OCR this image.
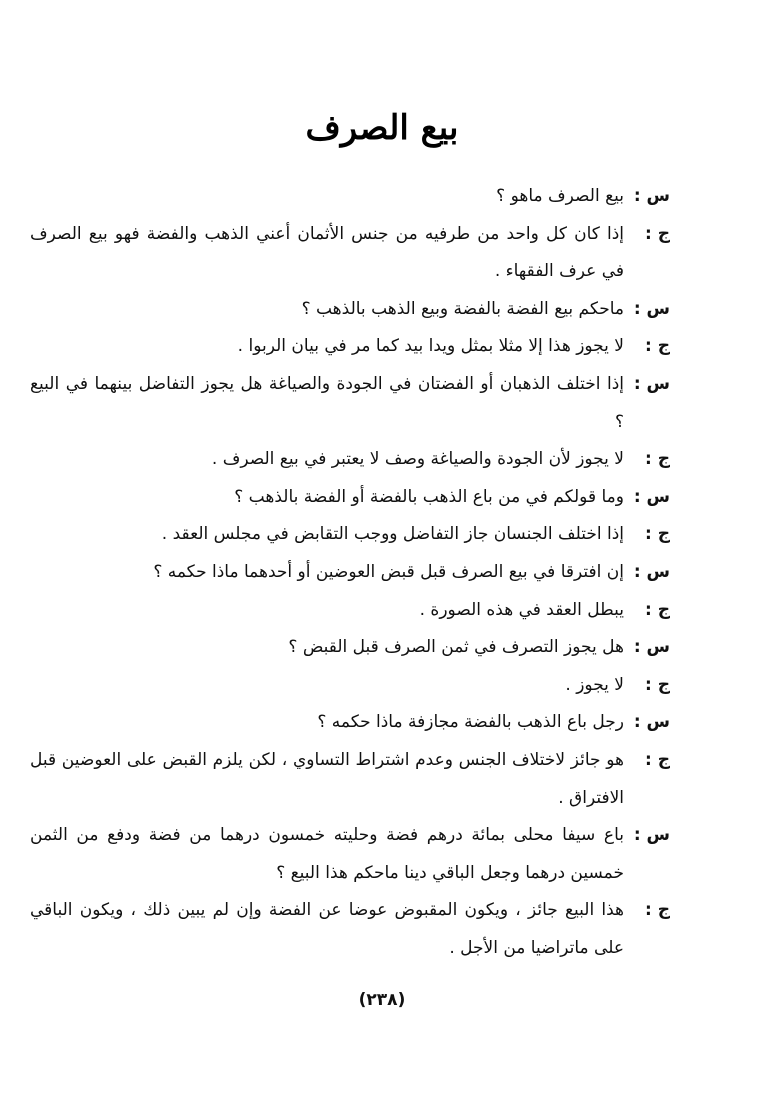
بيع الصرف
س :
بيع الصرف ماهو ؟
ج :
إذا كان كل واحد من طرفيه من جنس الأثمان أعني الذهب والفضة فهو بيع الصرف في عرف الفقهاء .
س :
ماحكم بيع الفضة بالفضة وبيع الذهب بالذهب ؟
ج :
لا يجوز هذا إلا مثلا بمثل ويدا بيد كما مر في بيان الربوا .
س :
إذا اختلف الذهبان أو الفضتان في الجودة والصياغة هل يجوز التفاضل بينهما في البيع ؟
ج :
لا يجوز لأن الجودة والصياغة وصف لا يعتبر في بيع الصرف .
س :
وما قولكم في من باع الذهب بالفضة أو الفضة بالذهب ؟
ج :
إذا اختلف الجنسان جاز التفاضل ووجب التقابض في مجلس العقد .
س :
إن افترقا في بيع الصرف قبل قبض العوضين أو أحدهما ماذا حكمه ؟
ج :
يبطل العقد في هذه الصورة .
س :
هل يجوز التصرف في ثمن الصرف قبل القبض ؟
ج :
لا يجوز .
س :
رجل باع الذهب بالفضة مجازفة ماذا حكمه ؟
ج :
هو جائز لاختلاف الجنس وعدم اشتراط التساوي ، لكن يلزم القبض على العوضين قبل الافتراق .
س :
باع سيفا محلى بمائة درهم فضة وحليته خمسون درهما من فضة ودفع من الثمن خمسين درهما وجعل الباقي دينا ماحكم هذا البيع ؟
ج :
هذا البيع جائز ، ويكون المقبوض عوضا عن الفضة وإن لم يبين ذلك ، ويكون الباقي على ماتراضيا من الأجل .
(٢٣٨)
